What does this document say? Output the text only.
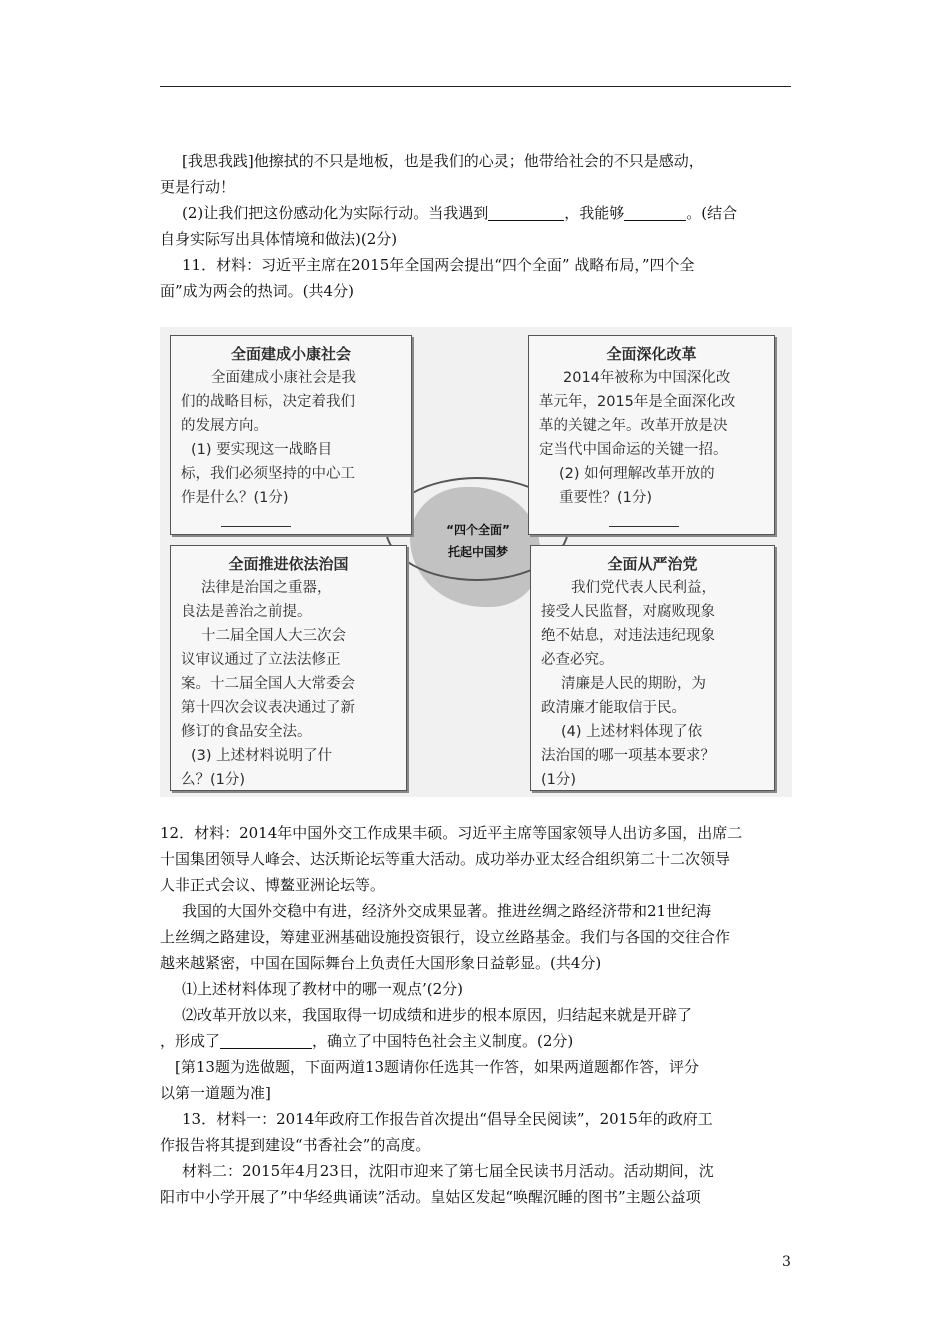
[我思我践]他擦拭的不只是地板，也是我们的心灵；他带给社会的不只是感动，
更是行动！
(2)让我们把这份感动化为实际行动。当我遇到	，我能够	。(结合
自身实际写出具体情境和做法)(2分)
11．材料：习近平主席在2015年全国两会提出“四个全面” 战略布局，”四个全
面”成为两会的热词。(共4分)
“四个全面”
托起中国梦
全面建成小康社会
全面建成小康社会是我
们的战略目标，决定着我们
的发展方向。
(1) 要实现这一战略目
标，我们必须坚持的中心工
作是什么？(1分)
全面深化改革
2014年被称为中国深化改
革元年，2015年是全面深化改
革的关键之年。改革开放是决
定当代中国命运的关键一招。
(2) 如何理解改革开放的
重要性？(1分)
全面推进依法治国
法律是治国之重器，
良法是善治之前提。
十二届全国人大三次会
议审议通过了立法法修正
案。十二届全国人大常委会
第十四次会议表决通过了新
修订的食品安全法。
(3) 上述材料说明了什
么？(1分)
全面从严治党
我们党代表人民利益，
接受人民监督，对腐败现象
绝不姑息，对违法违纪现象
必查必究。
清廉是人民的期盼，为
政清廉才能取信于民。
(4) 上述材料体现了依
法治国的哪一项基本要求？
(1分)
12．材料：2014年中国外交工作成果丰硕。习近平主席等国家领导人出访多国，出席二
十国集团领导人峰会、达沃斯论坛等重大活动。成功举办亚太经合组织第二十二次领导
人非正式会议、博鳌亚洲论坛等。
我国的大国外交稳中有进，经济外交成果显著。推进丝绸之路经济带和21世纪海
上丝绸之路建设，筹建亚洲基础设施投资银行，设立丝路基金。我们与各国的交往合作
越来越紧密，中国在国际舞台上负责任大国形象日益彰显。(共4分)
⑴上述材料体现了教材中的哪一观点’(2分)
⑵改革开放以来，我国取得一切成绩和进步的根本原因，归结起来就是开辟了
，形成了	，确立了中国特色社会主义制度。(2分)
[第13题为选做题，下面两道13题请你任选其一作答，如果两道题都作答，评分
以第一道题为准]
13．材料一：2014年政府工作报告首次提出“倡导全民阅读”，2015年的政府工
作报告将其提到建设“书香社会”的高度。
材料二：2015年4月23日，沈阳市迎来了第七届全民读书月活动。活动期间，沈
阳市中小学开展了”中华经典诵读”活动。皇姑区发起“唤醒沉睡的图书”主题公益项
3
